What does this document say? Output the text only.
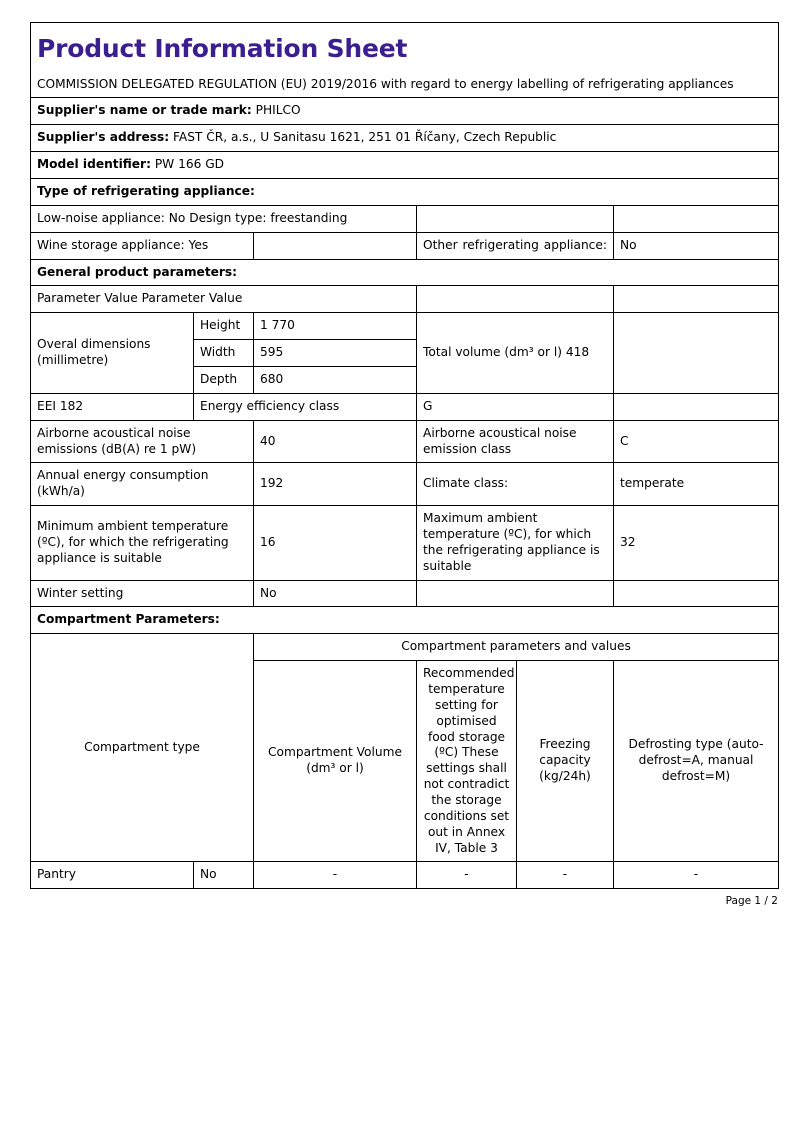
Product Information Sheet

COMMISSION DELEGATED REGULATION (EU) 2019/2016 with regard to energy labelling of refrigerating appliances					
Supplier's name or trade mark: PHILCO					
Supplier's address: FAST ČR, a.s., U Sanitasu 1621, 251 01 Říčany, Czech Republic					
Model identifier: PW 166 GD					
Type of refrigerating appliance:					
Low-noise appliance: No Design type: freestanding					
Wine storage appliance: Yes			Other refrigerating appliance:		No
General product parameters:					
Parameter Value Parameter Value					
Overal dimensions (millimetre)	Height	1 770	Total volume (dm³ or l) 418		
	Width	595			
	Depth	680			
EEI 182	Energy efficiency class		G		
Airborne acoustical noise emissions (dB(A) re 1 pW)		40	Airborne acoustical noise emission class		C
Annual energy consumption (kWh/a)		192	Climate class:		temperate
Minimum ambient temperature (ºC), for which the refrigerating appliance is suitable		16	Maximum ambient temperature (ºC), for which the refrigerating appliance is suitable		32
Winter setting		No			
Compartment Parameters:					
Compartment type		Compartment parameters and values			
		Compartment Volume (dm³ or l)	Recommended temperature setting for optimised food storage (ºC) These settings shall not contradict the storage conditions set out in Annex IV, Table 3	Freezing capacity (kg/24h)	Defrosting type (auto-defrost=A, manual defrost=M)
Pantry	No	-	-	-	-
Page 1 / 2
